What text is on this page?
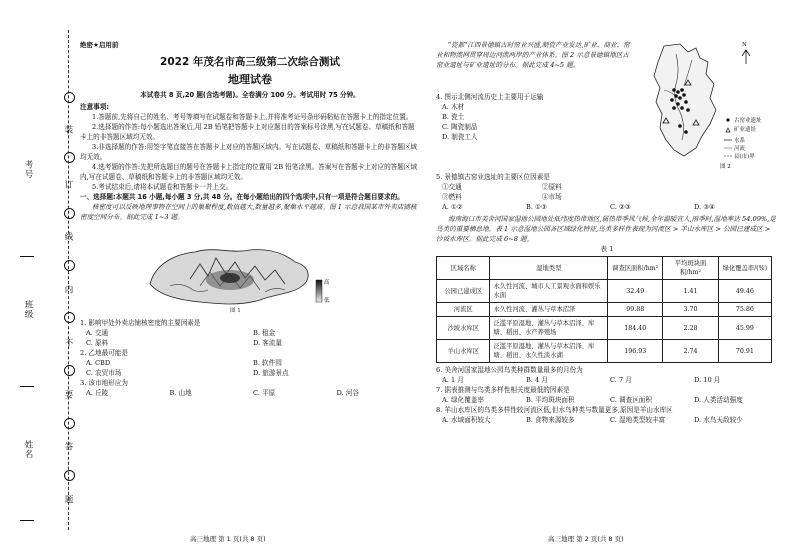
姓名
班级
考号
装
订
线
内
不
要
答
题
绝密★启用前
2022 年茂名市高三级第二次综合测试
地理试卷
本试卷共 8 页,20 题(含选考题)。全卷满分 100 分。考试用时 75 分钟。
注意事项:

1.答题前,先将自己的姓名、考号等填写在试题卷和答题卡上,并将准考证号条形码粘贴在答题卡上的指定位置。

2.选择题的作答:每小题选出答案后,用 2B 铅笔把答题卡上对应题目的答案标号涂黑,写在试题卷、草稿纸和答题卡上的非答题区域均无效。

3.非选择题的作答:用签字笔直接答在答题卡上对应的答题区域内。写在试题卷、草稿纸和答题卡上的非答题区域均无效。

4.选考题的作答:先把所选题目的题号在答题卡上指定的位置用 2B 铅笔涂黑。答案写在答题卡上对应的答题区域内,写在试题卷、草稿纸和答题卡上的非答题区域均无效。

5.考试结束后,请将本试题卷和答题卡一并上交。

一、选择题:本题共 16 小题,每小题 3 分,共 48 分。在每小题给出的四个选项中,只有一项是符合题目要求的。

核密度可以反映地理事物在空间上的集聚程度,数值越大,数量越多,聚集水平越高。图 1 示意我国某市外卖店铺核密度空间分布。据此完成 1~3 题。

高
低
图 1
1. 影响甲处外卖店铺核密度的主要因素是
A. 交通	B. 租金
C. 原料	D. 客流量
2. 乙地最可能是
A. CBD	B. 软件园
C. 农贸市场	D. 旅游景点
3. 该市地形应为
A. 丘陵	B. 山地	C. 平原	D. 河谷
高三地理 第 1 页(共 8 页)

"瓷都"江西景德镇古时窑业兴盛,制瓷产业发达,矿业、商业、窑业和物流网贯穿周边河流两岸的产业体系。图 2 示意景德镇地区古窑业遗址与矿业遗址的分布。据此完成 4~5 题。

N
古窑业遗址
矿业遗址
水系
河流
县(市)界
图 2
4. 图示北侧河流历史上主要用于运输
A. 木材
B. 瓷土
C. 陶瓷制品
D. 制瓷工人
5. 景德镇古窑业选址的主要区位因素是
①交通	②原料
③燃料	④市场
A. ①②	B. ①③	C. ②③	D. ③④

海南海口市美舍河国家湿地公园地处低纬度热带地区,属热带季风气候,全年温暖宜人,雨季时,湿地率达 54.09%,是鸟类的重要栖息地。表 1 示意湿地公园各区域绿化特征,鸟类多样性表现为河流区 > 羊山水库区 > 公园已建成区 > 沙坡水库区。据此完成 6~8 题。

表 1
区域名称	湿地类型	调查区面积/hm²	平均斑块面积/hm²	绿化覆盖率/(%)
公园已建成区	永久性河流、城市人工景观水面和娱乐水面	32.49	1.41	49.46
河流区	永久性河流、灌丛与草本沼泽	99.88	3.70	75.86
沙坡水库区	泛滥平原湿地、灌丛与草本沼泽、库塘、稻田、水产养殖场	184.40	2.28	45.99
羊山水库区	泛滥平原湿地、灌丛与草本沼泽、库塘、稻田、永久性淡水湖	196.93	2.74	70.91
6. 美舍河国家湿地公园鸟类种群数量最多的月份为
A. 1 月	B. 4 月	C. 7 月	D. 10 月
7. 据表推测与鸟类多样性相关度最低的因素是
A. 绿化覆盖率	B. 平均斑块面积	C. 调查区面积	D. 人类活动强度
8. 羊山水库区的鸟类多样性较河流区低,但水鸟种类与数量更多,原因是羊山水库区
A. 水域面积较大	B. 食物来源较多	C. 湿地类型较丰富	D. 水鸟天敌较少
高三地理 第 2 页(共 8 页)
